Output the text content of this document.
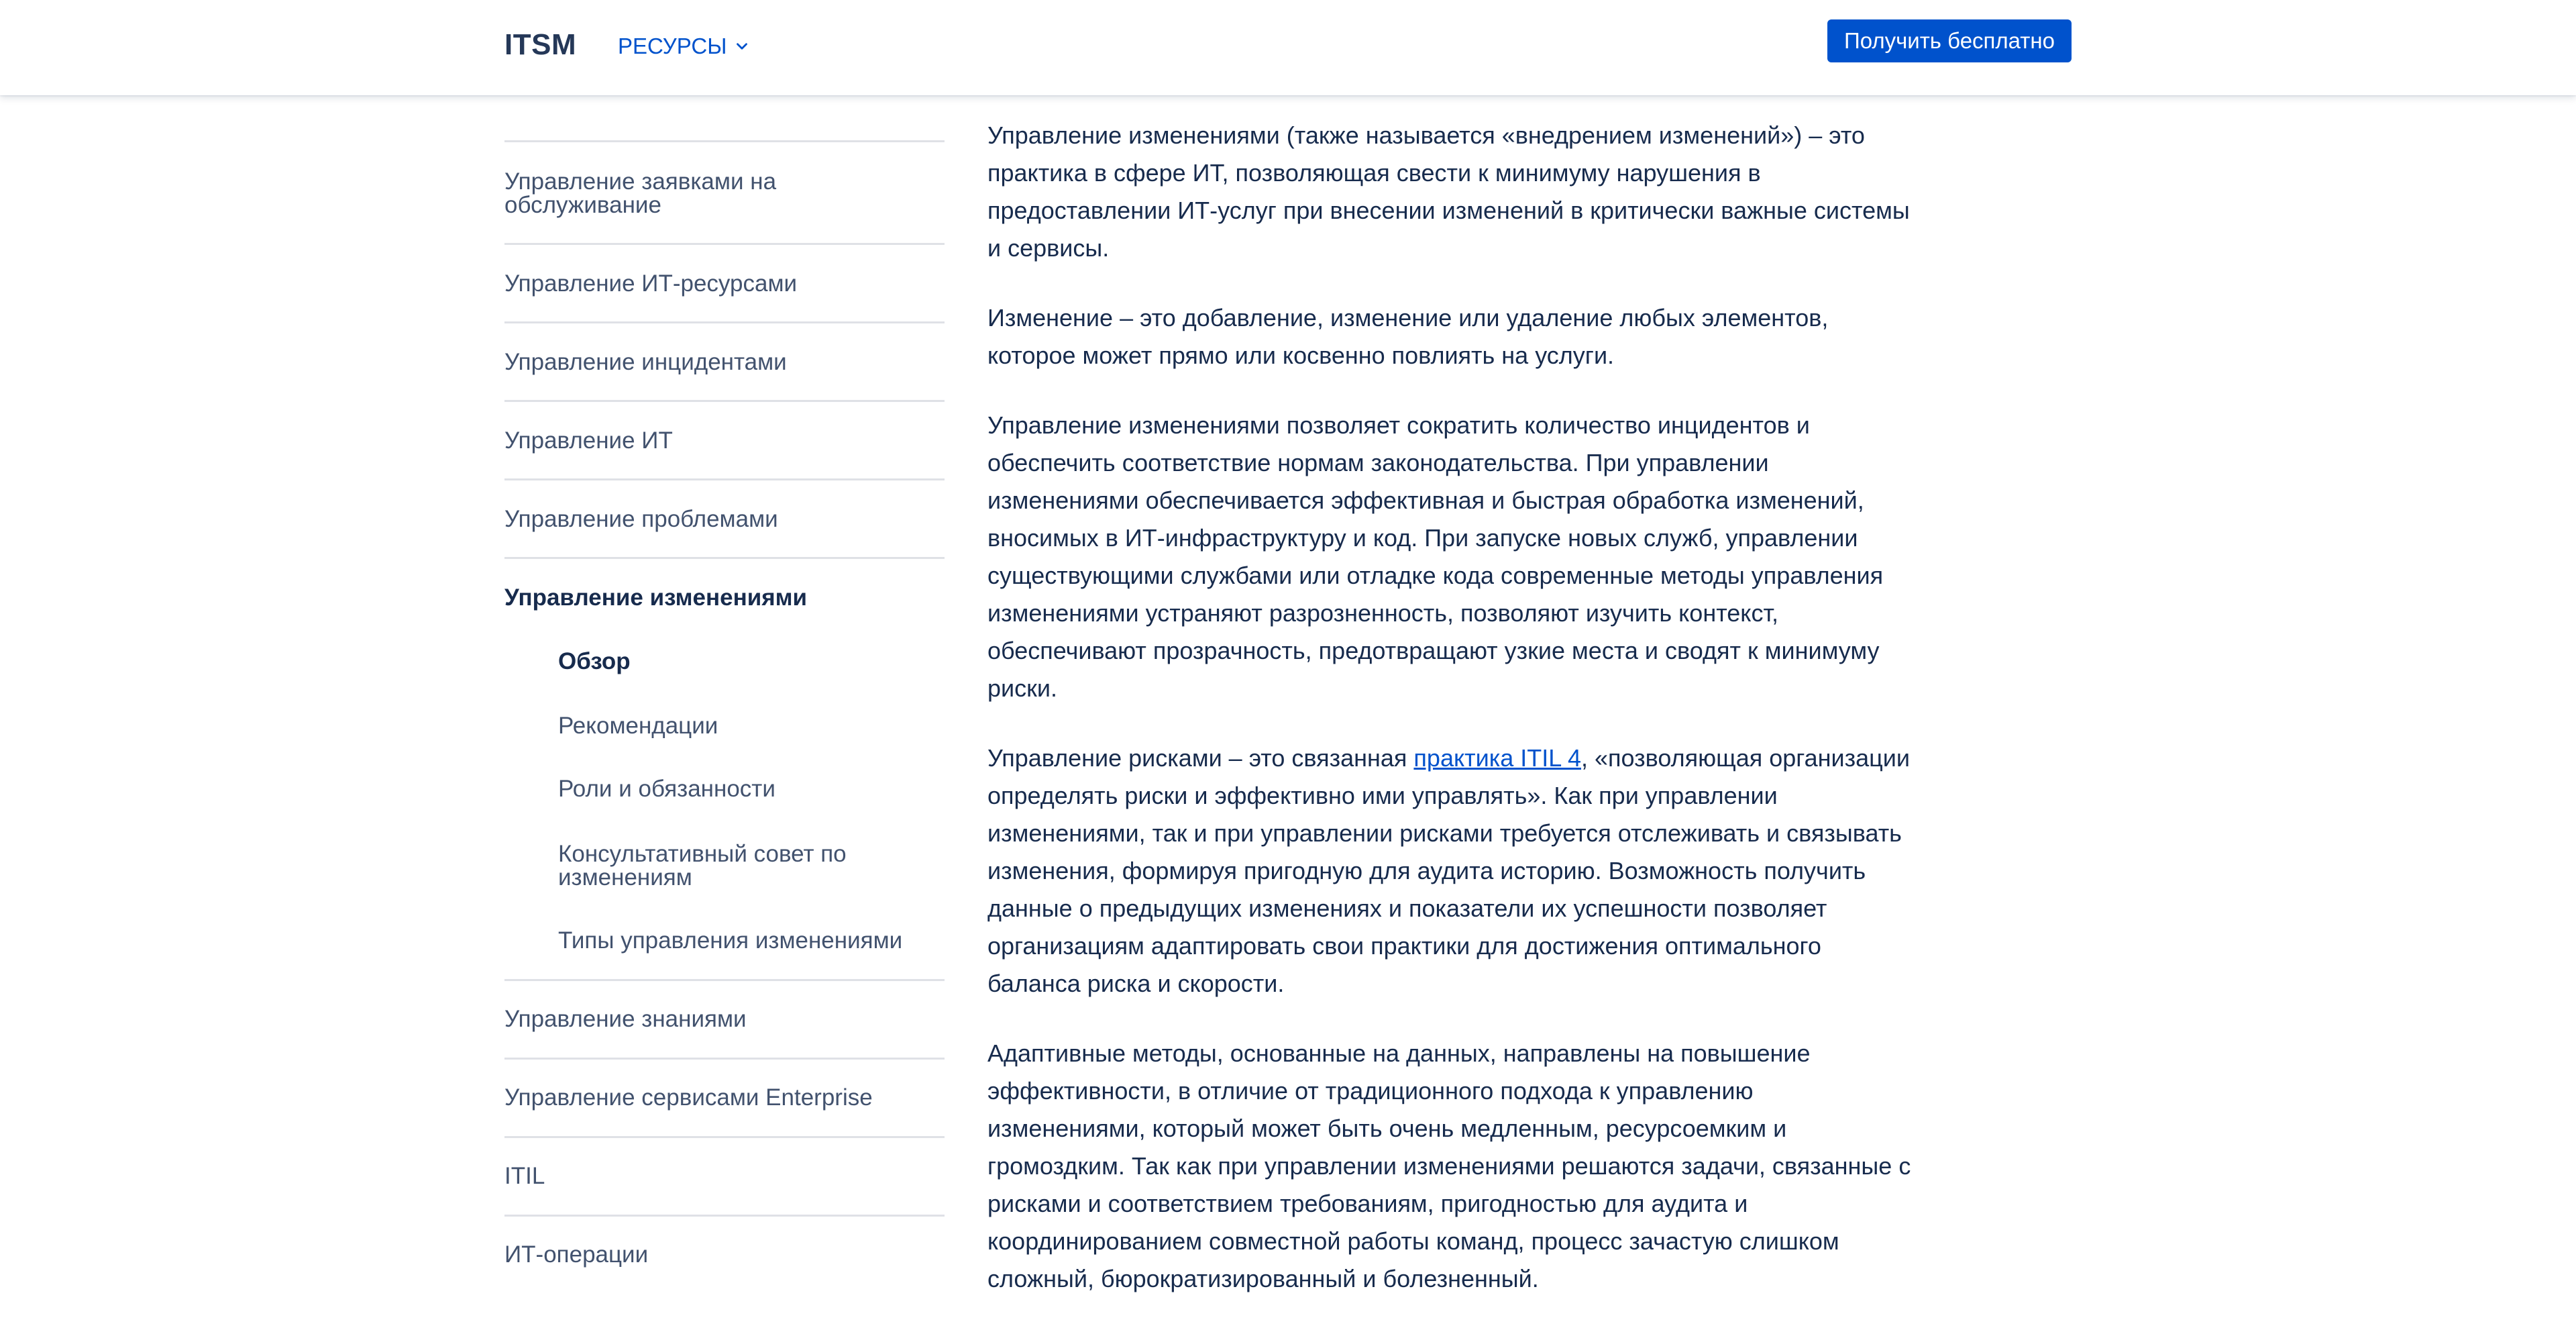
ITSM РЕСУРСЫ	Получить бесплатно
Управление заявками на обслуживание
Управление ИТ-ресурсами
Управление инцидентами
Управление ИТ
Управление проблемами
Управление изменениями
Обзор
Рекомендации
Роли и обязанности
Консультативный совет по изменениям
Типы управления изменениями
Управление знаниями
Управление сервисами Enterprise
ITIL
ИТ-операции

Управление изменениями (также называется «внедрением изменений») – это практика в сфере ИТ, позволяющая свести к минимуму нарушения в предоставлении ИТ-услуг при внесении изменений в критически важные системы и сервисы.

Изменение – это добавление, изменение или удаление любых элементов, которое может прямо или косвенно повлиять на услуги.

Управление изменениями позволяет сократить количество инцидентов и обеспечить соответствие нормам законодательства. При управлении изменениями обеспечивается эффективная и быстрая обработка изменений, вносимых в ИТ-инфраструктуру и код. При запуске новых служб, управлении существующими службами или отладке кода современные методы управления изменениями устраняют разрозненность, позволяют изучить контекст, обеспечивают прозрачность, предотвращают узкие места и сводят к минимуму риски.

Управление рисками – это связанная практика ITIL 4, «позволяющая организации определять риски и эффективно ими управлять». Как при управлении изменениями, так и при управлении рисками требуется отслеживать и связывать изменения, формируя пригодную для аудита историю. Возможность получить данные о предыдущих изменениях и показатели их успешности позволяет организациям адаптировать свои практики для достижения оптимального баланса риска и скорости.

Адаптивные методы, основанные на данных, направлены на повышение эффективности, в отличие от традиционного подхода к управлению изменениями, который может быть очень медленным, ресурсоемким и громоздким. Так как при управлении изменениями решаются задачи, связанные с рисками и соответствием требованиям, пригодностью для аудита и координированием совместной работы команд, процесс зачастую слишком сложный, бюрократизированный и болезненный.
